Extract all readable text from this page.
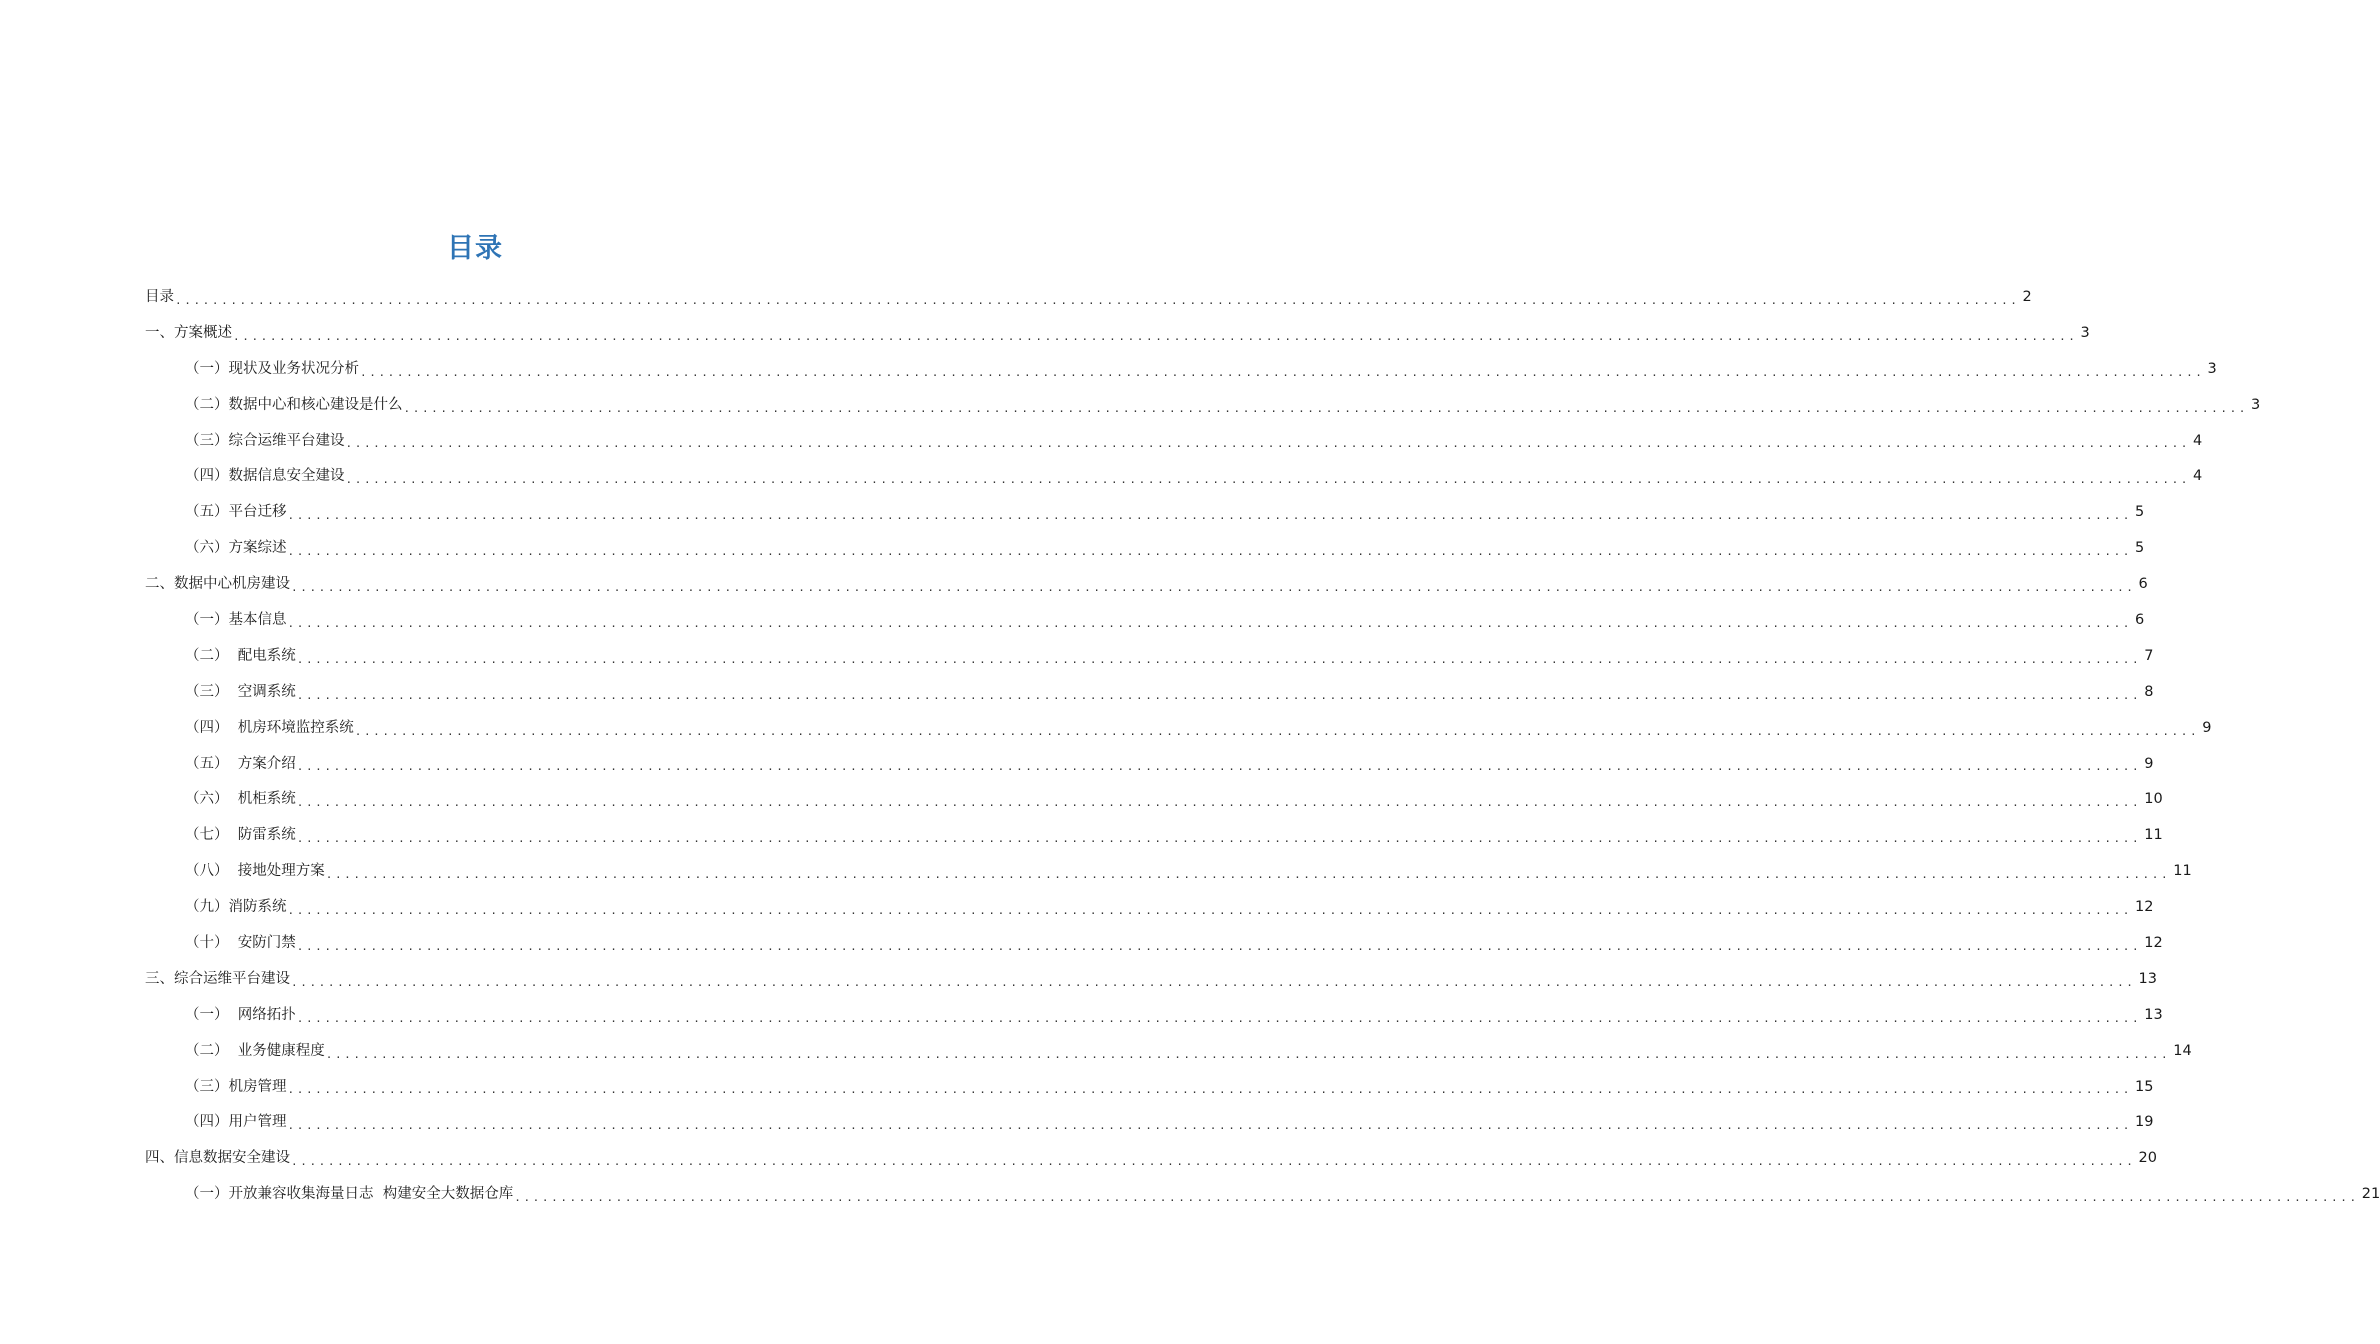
目录
目录 ........................................................................................................................................................................................................ 2
一、方案概述 ........................................................................................................................................................................................................ 3
（一）现状及业务状况分析 ........................................................................................................................................................................................................ 3
（二）数据中心和核心建设是什么 ........................................................................................................................................................................................................ 3
（三）综合运维平台建设 ........................................................................................................................................................................................................ 4
（四）数据信息安全建设 ........................................................................................................................................................................................................ 4
（五）平台迁移 ........................................................................................................................................................................................................ 5
（六）方案综述 ........................................................................................................................................................................................................ 5
二、数据中心机房建设 ........................................................................................................................................................................................................ 6
（一）基本信息 ........................................................................................................................................................................................................ 6
（二）  配电系统 ........................................................................................................................................................................................................ 7
（三）  空调系统 ........................................................................................................................................................................................................ 8
（四）  机房环境监控系统 ........................................................................................................................................................................................................ 9
（五）  方案介绍 ........................................................................................................................................................................................................ 9
（六）  机柜系统 ........................................................................................................................................................................................................ 10
（七）  防雷系统 ........................................................................................................................................................................................................ 11
（八）  接地处理方案 ........................................................................................................................................................................................................ 11
（九）消防系统 ........................................................................................................................................................................................................ 12
（十）  安防门禁 ........................................................................................................................................................................................................ 12
三、综合运维平台建设 ........................................................................................................................................................................................................ 13
（一）  网络拓扑 ........................................................................................................................................................................................................ 13
（二）  业务健康程度 ........................................................................................................................................................................................................ 14
（三）机房管理 ........................................................................................................................................................................................................ 15
（四）用户管理 ........................................................................................................................................................................................................ 19
四、信息数据安全建设 ........................................................................................................................................................................................................ 20
（一）开放兼容收集海量日志  构建安全大数据仓库 ........................................................................................................................................................................................................ 21
